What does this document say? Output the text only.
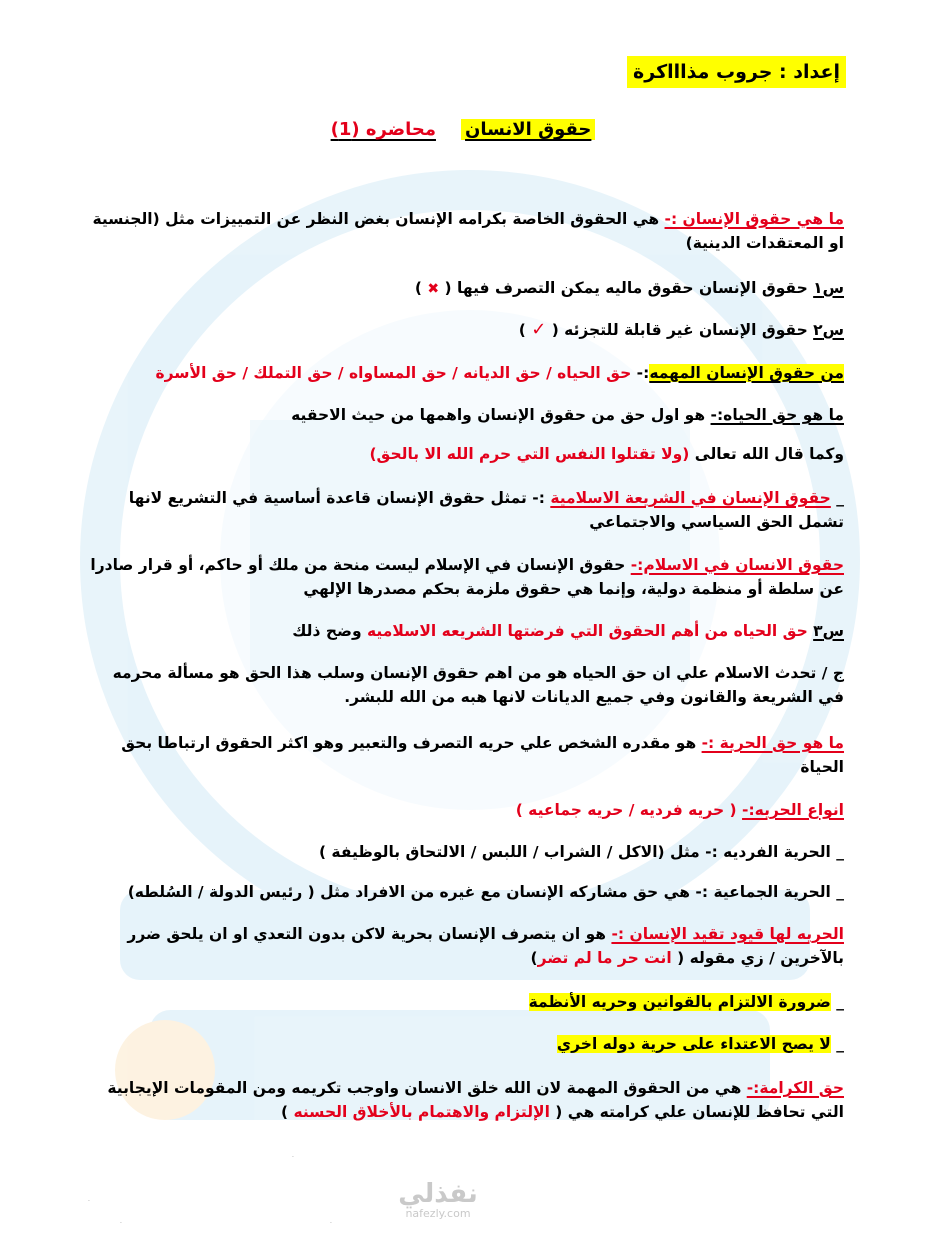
إعداد : جروب مذاااكرة
حقوق الانسان    محاضره (1)
ما هي حقوق الإنسان :- هي الحقوق الخاصة بكرامه الإنسان بغض النظر عن التمييزات مثل (الجنسية او المعتقدات الدينية)
س١ حقوق الإنسان حقوق ماليه يمكن التصرف فيها ( ✖ )
س٢ حقوق الإنسان غير قابلة للتجزئه ( ✓ )
من حقوق الإنسان المهمه:- حق الحياه / حق الديانه / حق المساواه / حق التملك / حق الأسرة
ما هو حق الحياه:- هو اول حق من حقوق الإنسان واهمها من حيث الاحقيه
وكما قال الله تعالى (ولا تقتلوا النفس التي حرم الله الا بالحق)
_ حقوق الإنسان في الشريعة الاسلامية :- تمثل حقوق الإنسان قاعدة أساسية في التشريع لانها تشمل الحق السياسي والاجتماعي
حقوق الانسان في الاسلام:- حقوق الإنسان في الإسلام ليست منحة من ملك أو حاكم، أو قرار صادرا عن سلطة أو منظمة دولية، وإنما هي حقوق ملزمة بحكم مصدرها الإلهي
س٣ حق الحياه من أهم الحقوق التي فرضتها الشريعه الاسلاميه وضح ذلك
ج / تحدث الاسلام علي ان حق الحياه هو من اهم حقوق الإنسان وسلب هذا الحق هو مسألة محرمه في الشريعة والقانون وفي جميع الديانات لانها هبه من الله للبشر.
ما هو حق الحرية :- هو مقدره الشخص علي حريه التصرف والتعبير وهو اكثر الحقوق ارتباطا بحق الحياة
انواع الحريه:- ( حريه فرديه / حريه جماعيه )
_ الحرية الفرديه :- مثل (الاكل / الشراب / اللبس / الالتحاق بالوظيفة )
_ الحرية الجماعية :- هي حق مشاركه الإنسان مع غيره من الافراد مثل ( رئيس الدولة / السُلطه)
الحريه لها قيود تقيد الإنسان :- هو ان يتصرف الإنسان بحرية لاكن بدون التعدي او ان يلحق ضرر بالآخرين / زي مقوله ( انت حر ما لم تضر)
_ ضرورة الالتزام بالقوانين وحريه الأنظمة
_ لا يصح الاعتداء على حرية دوله اخري
حق الكرامة:- هي من الحقوق المهمة لان الله خلق الانسان واوجب تكريمه ومن المقومات الإيجابية التي تحافظ للإنسان علي كرامته هي ( الإلتزام والاهتمام بالأخلاق الحسنه )
نفذلي
nafezly.com
.
.	.
.
